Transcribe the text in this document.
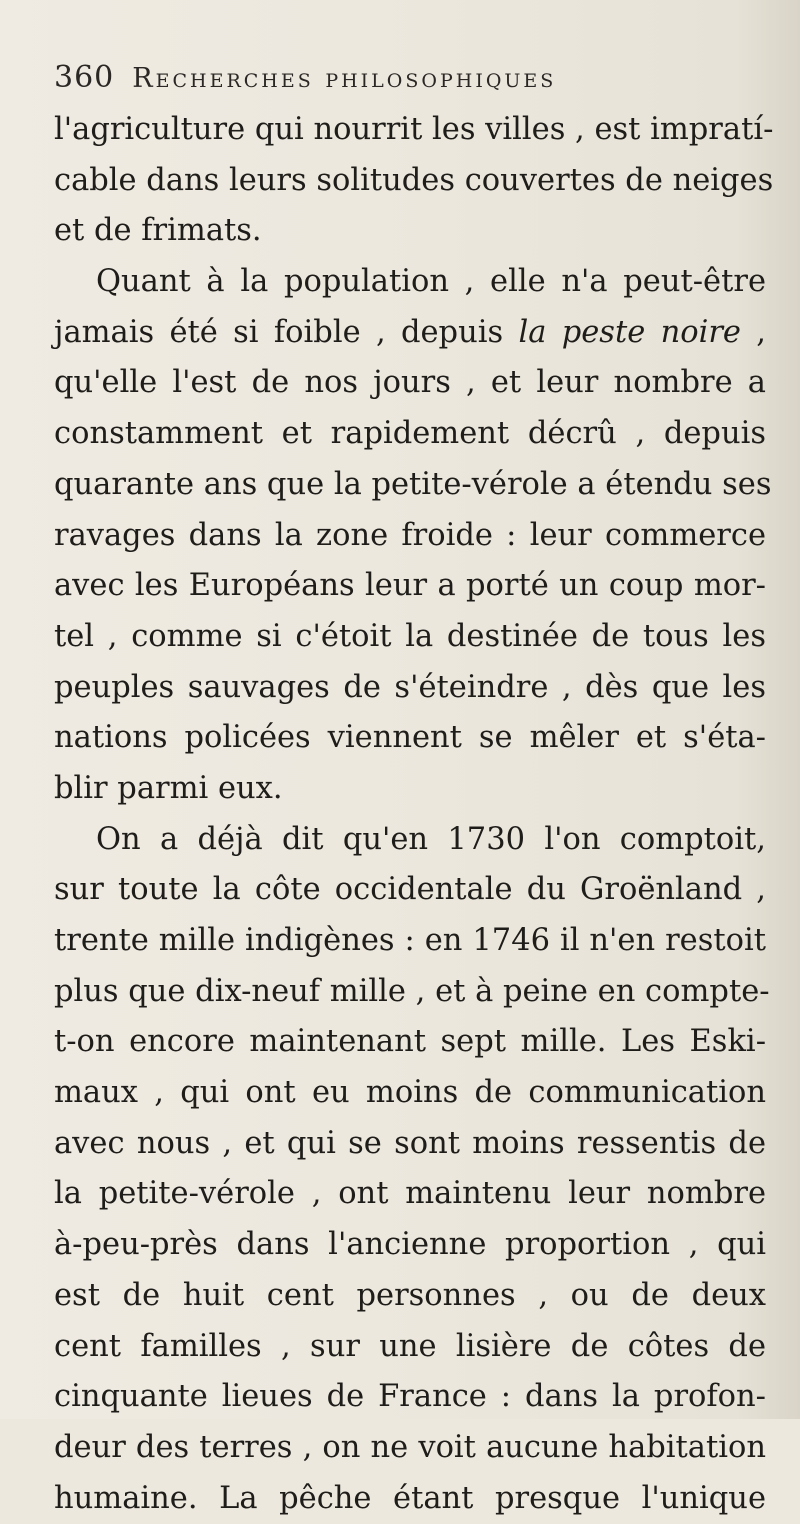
360 Recherches philosophiques
l'agriculture qui nourrit les villes , est impratí-
cable dans leurs solitudes couvertes de neiges
et de frimats.
Quant à la population , elle n'a peut-être
jamais été si foible , depuis la peste noire ,
qu'elle l'est de nos jours , et leur nombre a
constamment et rapidement décrû , depuis
quarante ans que la petite-vérole a étendu ses
ravages dans la zone froide : leur commerce
avec les Européans leur a porté un coup mor-
tel , comme si c'étoit la destinée de tous les
peuples sauvages de s'éteindre , dès que les
nations policées viennent se mêler et s'éta-
blir parmi eux.
On a déjà dit qu'en 1730 l'on comptoit,
sur toute la côte occidentale du Groënland ,
trente mille indigènes : en 1746 il n'en restoit
plus que dix-neuf mille , et à peine en compte-
t-on encore maintenant sept mille. Les Eski-
maux , qui ont eu moins de communication
avec nous , et qui se sont moins ressentis de
la petite-vérole , ont maintenu leur nombre
à-peu-près dans l'ancienne proportion , qui
est de huit cent personnes , ou de deux
cent familles , sur une lisière de côtes de
cinquante lieues de France : dans la profon-
deur des terres , on ne voit aucune habitation
humaine. La pêche étant presque l'unique
